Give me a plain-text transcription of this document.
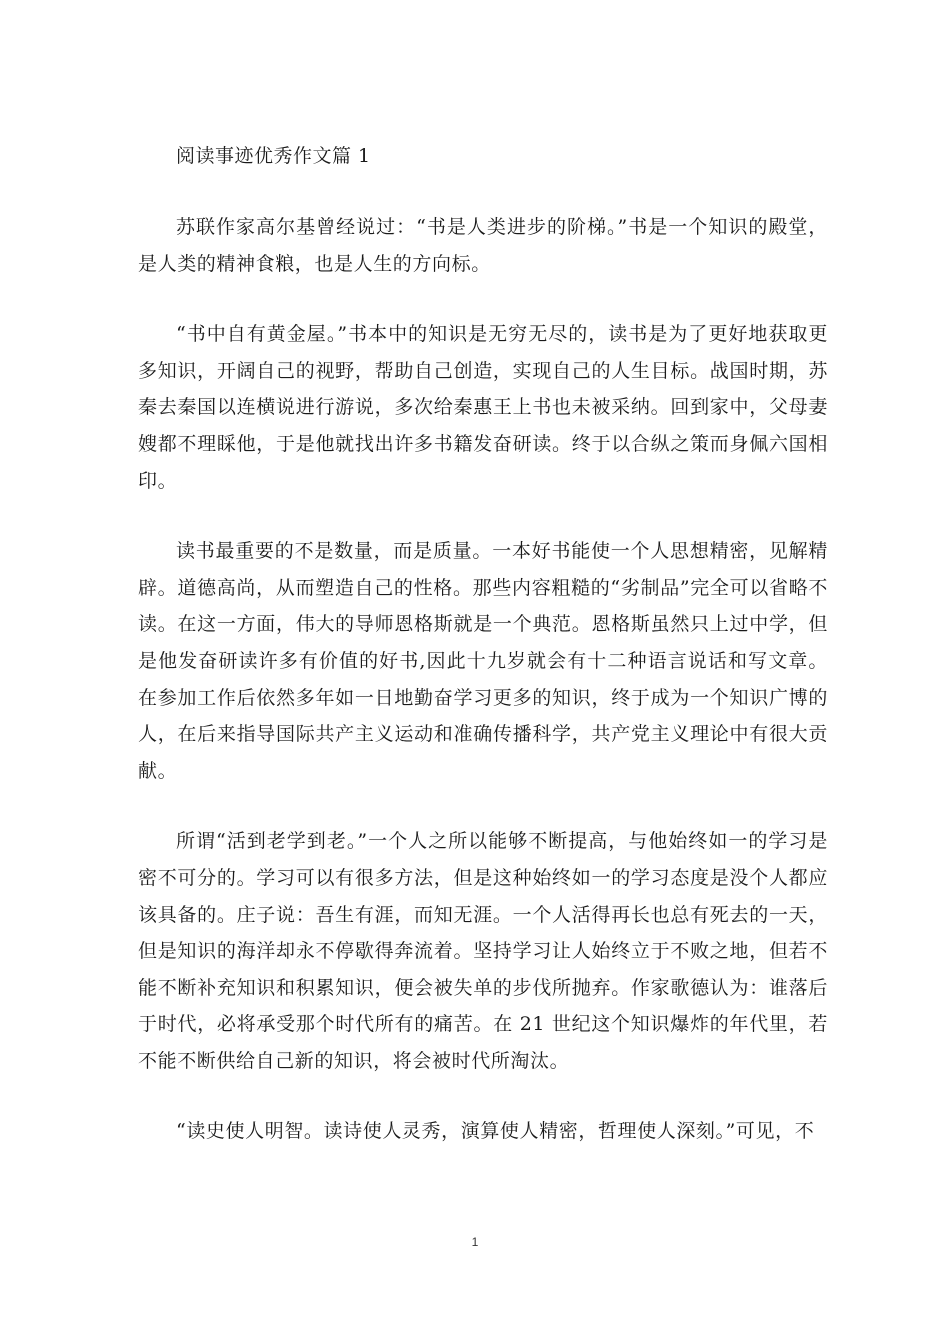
阅读事迹优秀作文篇 1

苏联作家高尔基曾经说过：“书是人类进步的阶梯。”书是一个知识的殿堂，是人类的精神食粮，也是人生的方向标。

“书中自有黄金屋。”书本中的知识是无穷无尽的，读书是为了更好地获取更多知识，开阔自己的视野，帮助自己创造，实现自己的人生目标。战国时期，苏秦去秦国以连横说进行游说，多次给秦惠王上书也未被采纳。回到家中，父母妻嫂都不理睬他，于是他就找出许多书籍发奋研读。终于以合纵之策而身佩六国相印。

读书最重要的不是数量，而是质量。一本好书能使一个人思想精密，见解精辟。道德高尚，从而塑造自己的性格。那些内容粗糙的“劣制品”完全可以省略不读。在这一方面，伟大的导师恩格斯就是一个典范。恩格斯虽然只上过中学，但是他发奋研读许多有价值的好书,因此十九岁就会有十二种语言说话和写文章。在参加工作后依然多年如一日地勤奋学习更多的知识，终于成为一个知识广博的人，在后来指导国际共产主义运动和准确传播科学，共产党主义理论中有很大贡献。

所谓“活到老学到老。”一个人之所以能够不断提高，与他始终如一的学习是密不可分的。学习可以有很多方法，但是这种始终如一的学习态度是没个人都应该具备的。庄子说：吾生有涯，而知无涯。一个人活得再长也总有死去的一天，但是知识的海洋却永不停歇得奔流着。坚持学习让人始终立于不败之地，但若不能不断补充知识和积累知识，便会被失单的步伐所抛弃。作家歌德认为：谁落后于时代，必将承受那个时代所有的痛苦。在 21 世纪这个知识爆炸的年代里，若不能不断供给自己新的知识，将会被时代所淘汰。

“读史使人明智。读诗使人灵秀，演算使人精密，哲理使人深刻。”可见，不

1
